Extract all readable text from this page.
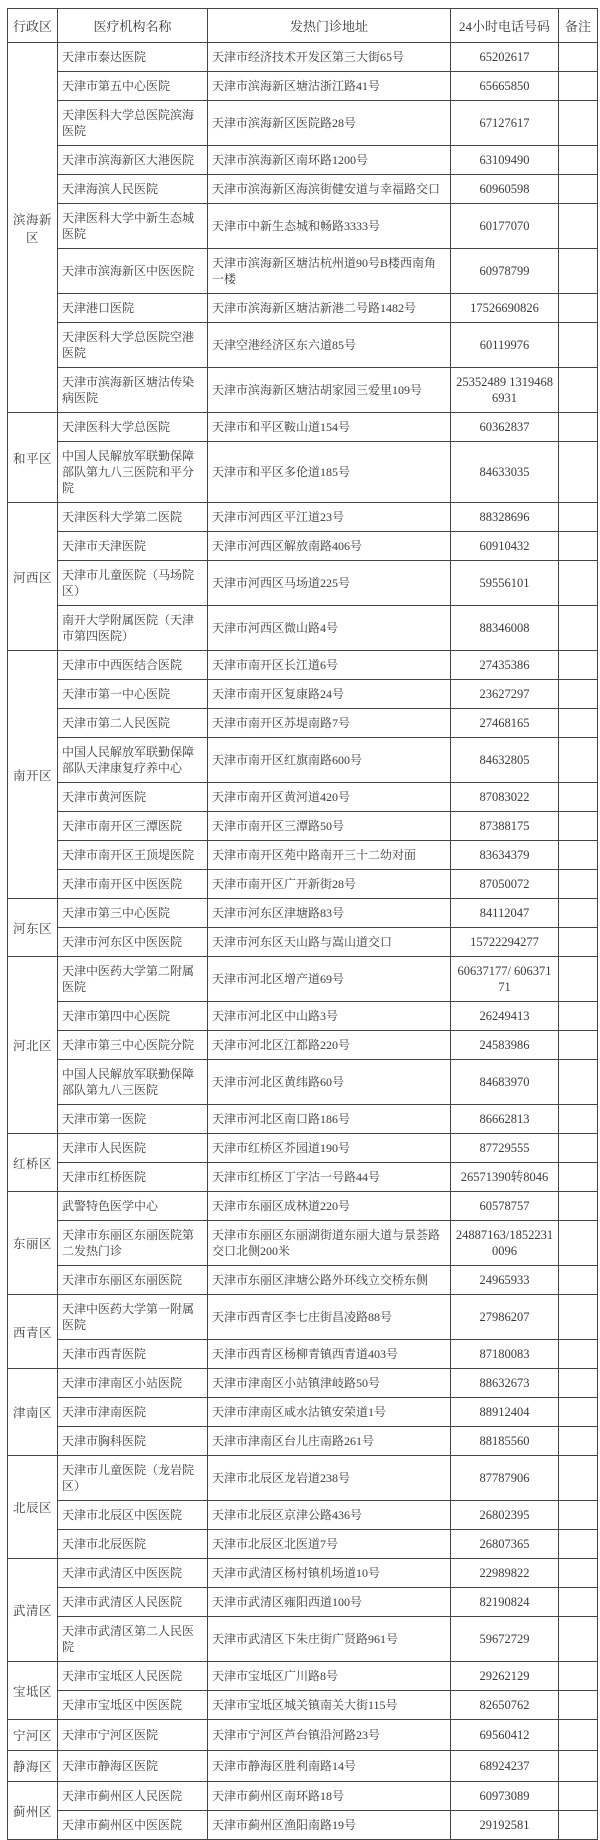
行政区	医疗机构名称	发热门诊地址	24小时电话号码	备注
滨海新区	天津市泰达医院	天津市经济技术开发区第三大街65号	65202617	
	天津市第五中心医院	天津市滨海新区塘沽浙江路41号	65665850	
	天津医科大学总医院滨海医院	天津市滨海新区医院路28号	67127617	
	天津市滨海新区大港医院	天津市滨海新区南环路1200号	63109490	
	天津海滨人民医院	天津市滨海新区海滨街健安道与幸福路交口	60960598	
	天津医科大学中新生态城医院	天津市中新生态城和畅路3333号	60177070	
	天津市滨海新区中医医院	天津市滨海新区塘沽杭州道90号B楼西南角一楼	60978799	
	天津港口医院	天津市滨海新区塘沽新港二号路1482号	17526690826	
	天津医科大学总医院空港医院	天津空港经济区东六道85号	60119976	
	天津市滨海新区塘沽传染病医院	天津市滨海新区塘沽胡家园三爱里109号	25352489 13194686931	
和平区	天津医科大学总医院	天津市和平区鞍山道154号	60362837	
	中国人民解放军联勤保障部队第九八三医院和平分院	天津市和平区多伦道185号	84633035	
河西区	天津医科大学第二医院	天津市河西区平江道23号	88328696	
	天津市天津医院	天津市河西区解放南路406号	60910432	
	天津市儿童医院（马场院区）	天津市河西区马场道225号	59556101	
	南开大学附属医院（天津市第四医院）	天津市河西区微山路4号	88346008	
南开区	天津市中西医结合医院	天津市南开区长江道6号	27435386	
	天津市第一中心医院	天津市南开区复康路24号	23627297	
	天津市第二人民医院	天津市南开区苏堤南路7号	27468165	
	中国人民解放军联勤保障部队天津康复疗养中心	天津市南开区红旗南路600号	84632805	
	天津市黄河医院	天津市南开区黄河道420号	87083022	
	天津市南开区三潭医院	天津市南开区三潭路50号	87388175	
	天津市南开区王顶堤医院	天津市南开区苑中路南开三十二幼对面	83634379	
	天津市南开区中医医院	天津市南开区广开新街28号	87050072	
河东区	天津市第三中心医院	天津市河东区津塘路83号	84112047	
	天津市河东区中医医院	天津市河东区天山路与嵩山道交口	15722294277	
河北区	天津中医药大学第二附属医院	天津市河北区增产道69号	60637177/ 60637171	
	天津市第四中心医院	天津市河北区中山路3号	26249413	
	天津市第三中心医院分院	天津市河北区江都路220号	24583986	
	中国人民解放军联勤保障部队第九八三医院	天津市河北区黄纬路60号	84683970	
	天津市第一医院	天津市河北区南口路186号	86662813	
红桥区	天津市人民医院	天津市红桥区芥园道190号	87729555	
	天津市红桥医院	天津市红桥区丁字沽一号路44号	26571390转8046	
东丽区	武警特色医学中心	天津市东丽区成林道220号	60578757	
	天津市东丽区东丽医院第二发热门诊	天津市东丽区东丽湖街道东丽大道与景荟路交口北侧200米	24887163/18522310096	
	天津市东丽区东丽医院	天津市东丽区津塘公路外环线立交桥东侧	24965933	
西青区	天津中医药大学第一附属医院	天津市西青区李七庄街昌凌路88号	27986207	
	天津市西青医院	天津市西青区杨柳青镇西青道403号	87180083	
津南区	天津市津南区小站医院	天津市津南区小站镇津岐路50号	88632673	
	天津市津南医院	天津市津南区咸水沽镇安荣道1号	88912404	
	天津市胸科医院	天津市津南区台儿庄南路261号	88185560	
北辰区	天津市儿童医院（龙岩院区）	天津市北辰区龙岩道238号	87787906	
	天津市北辰区中医医院	天津市北辰区京津公路436号	26802395	
	天津市北辰医院	天津市北辰区北医道7号	26807365	
武清区	天津市武清区中医医院	天津市武清区杨村镇机场道10号	22989822	
	天津市武清区人民医院	天津市武清区雍阳西道100号	82190824	
	天津市武清区第二人民医院	天津市武清区下朱庄街广贤路961号	59672729	
宝坻区	天津市宝坻区人民医院	天津市宝坻区广川路8号	29262129	
	天津市宝坻区中医医院	天津市宝坻区城关镇南关大街115号	82650762	
宁河区	天津市宁河区医院	天津市宁河区芦台镇沿河路23号	69560412	
静海区	天津市静海区医院	天津市静海区胜利南路14号	68924237	
蓟州区	天津市蓟州区人民医院	天津市蓟州区南环路18号	60973089	
	天津市蓟州区中医医院	天津市蓟州区渔阳南路19号	29192581	
